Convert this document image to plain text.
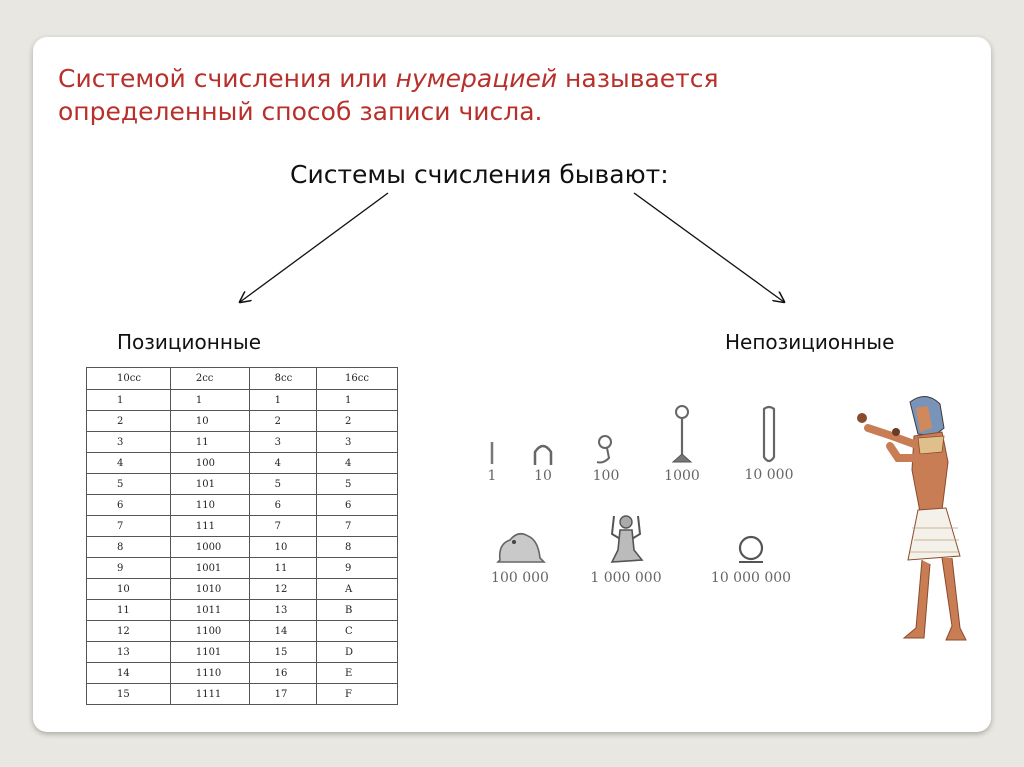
Системой счисления или нумерацией называется
определенный способ записи числа.
Системы счисления бывают:
Позиционные	Непозиционные
10сс	2сс	8сс	16сс
1	1	1	1
2	10	2	2
3	11	3	3
4	100	4	4
5	101	5	5
6	110	6	6
7	111	7	7
8	1000	10	8
9	1001	11	9
10	1010	12	A
11	1011	13	B
12	1100	14	C
13	1101	15	D
14	1110	16	E
15	1111	17	F
1	10	100	1000	10 000
100 000	1 000 000	10 000 000
